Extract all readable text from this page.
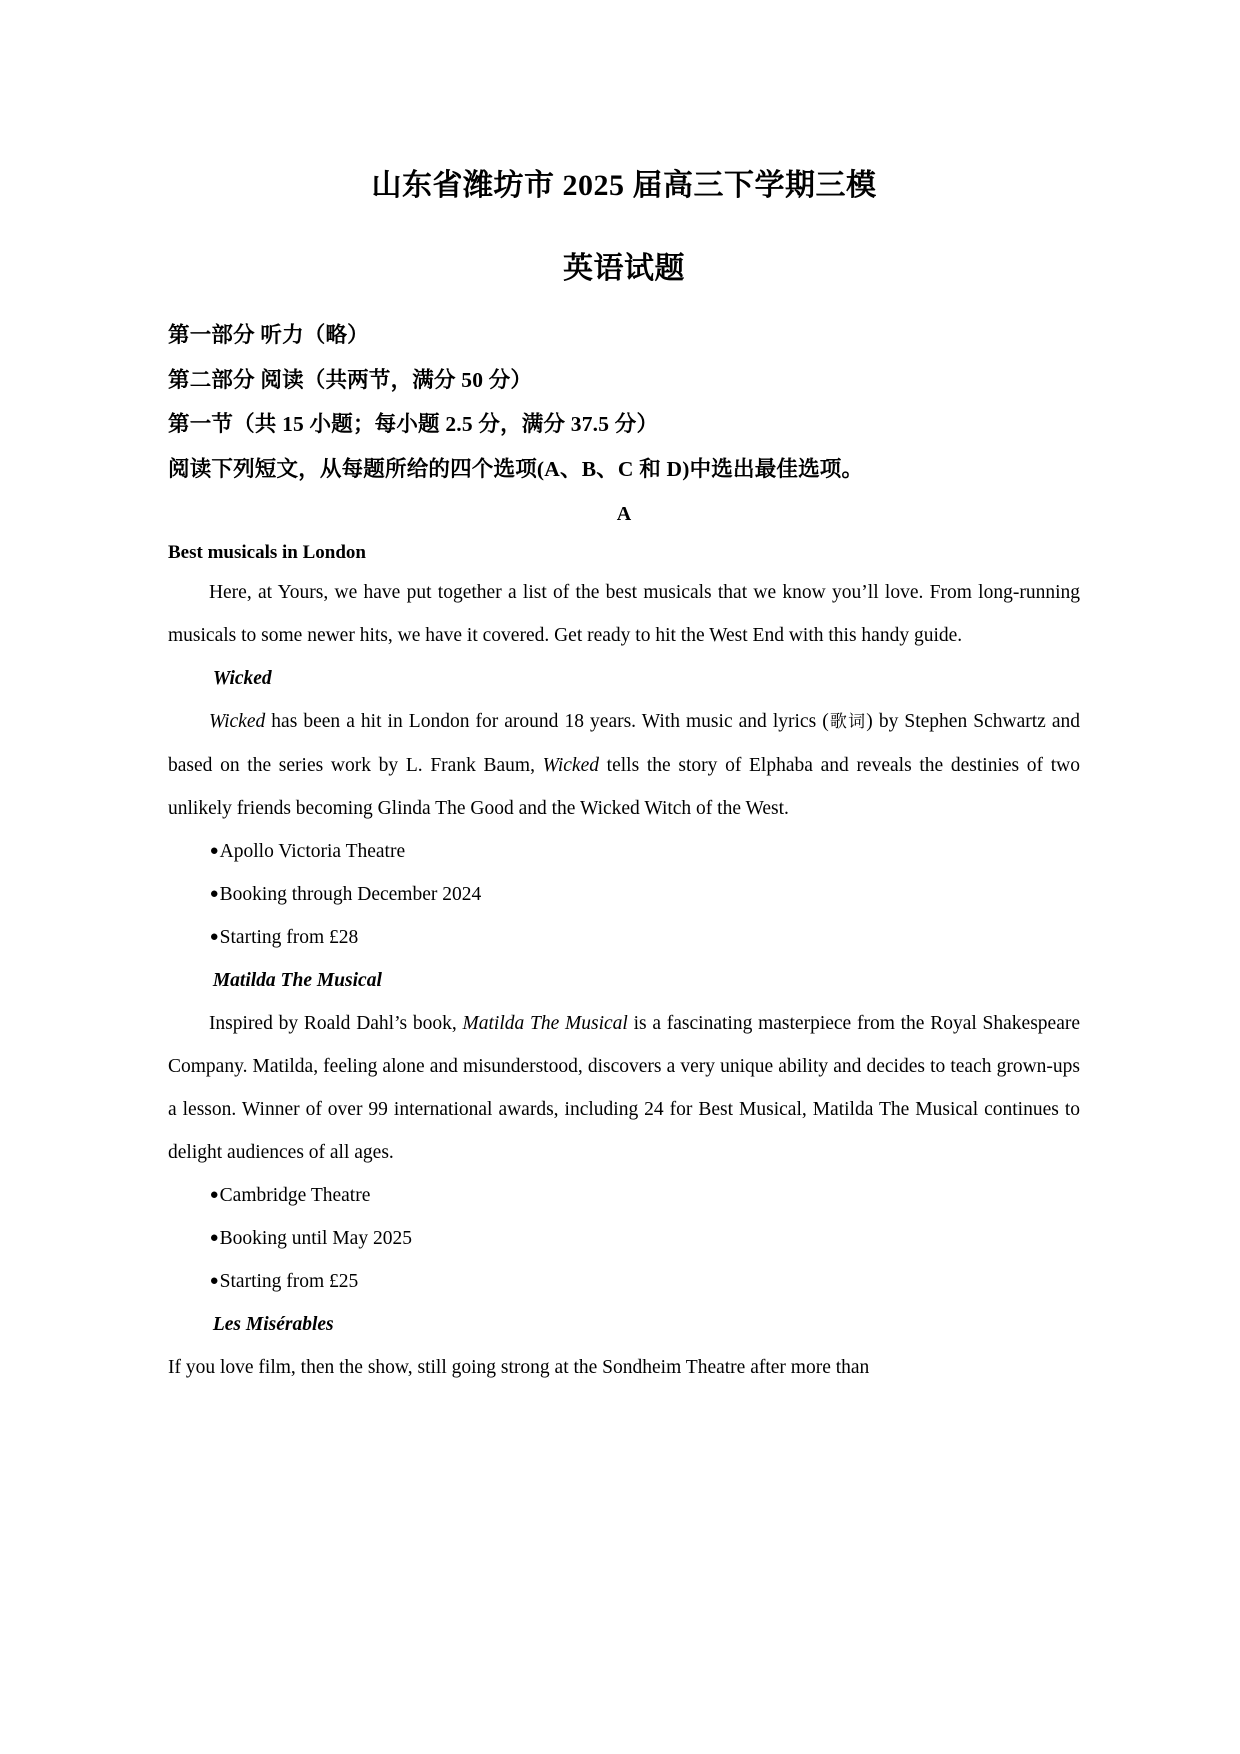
山东省潍坊市 2025 届高三下学期三模
英语试题

第一部分 听力（略）

第二部分 阅读（共两节，满分 50 分）

第一节（共 15 小题；每小题 2.5 分，满分 37.5 分）

阅读下列短文，从每题所给的四个选项(A、B、C 和 D)中选出最佳选项。

A
Best musicals in London

Here, at Yours, we have put together a list of the best musicals that we know you’ll love. From long-running musicals to some newer hits, we have it covered. Get ready to hit the West End with this handy guide.

Wicked

Wicked has been a hit in London for around 18 years. With music and lyrics (歌词) by Stephen Schwartz and based on the series work by L. Frank Baum, Wicked tells the story of Elphaba and reveals the destinies of two unlikely friends becoming Glinda The Good and the Wicked Witch of the West.

●Apollo Victoria Theatre
●Booking through December 2024
●Starting from £28
Matilda The Musical

Inspired by Roald Dahl’s book, Matilda The Musical is a fascinating masterpiece from the Royal Shakespeare Company. Matilda, feeling alone and misunderstood, discovers a very unique ability and decides to teach grown-ups a lesson. Winner of over 99 international awards, including 24 for Best Musical, Matilda The Musical continues to delight audiences of all ages.

●Cambridge Theatre
●Booking until May 2025
●Starting from £25
Les Misérables

If you love film, then the show, still going strong at the Sondheim Theatre after more than
